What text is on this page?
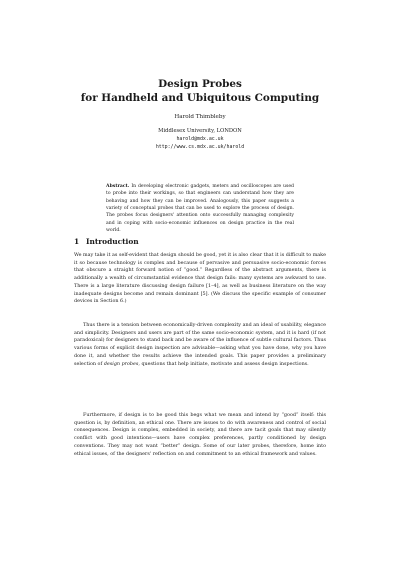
Design Probes
for Handheld and Ubiquitous Computing
Harold Thimbleby
Middlesex University, LONDON
harold@mdx.ac.uk
http://www.cs.mdx.ac.uk/harold
Abstract. In developing electronic gadgets, meters and oscilloscopes are used to probe into their workings, so that engineers can understand how they are behaving and how they can be improved. Analogously, this paper suggests a variety of conceptual probes that can be used to explore the process of design. The probes focus designers' attention onto successfully managing complexity and in coping with socio-economic influences on design practice in the real world.
1 Introduction

We may take it as self-evident that design should be good, yet it is also clear that it is difficult to make it so because technology is complex and because of pervasive and persuasive socio-economic forces that obscure a straight forward notion of “good.” Regardless of the abstract arguments, there is additionally a wealth of circumstantial evidence that design fails: many systems are awkward to use. There is a large literature discussing design failure [1–4], as well as business literature on the way inadequate designs become and remain dominant [5]. (We discuss the specific example of consumer devices in Section 6.)

Thus there is a tension between economically-driven complexity and an ideal of usability, elegance and simplicity. Designers and users are part of the same socio-economic system, and it is hard (if not paradoxical) for designers to stand back and be aware of the influence of subtle cultural factors. Thus various forms of explicit design inspection are advisable—asking what you have done, why you have done it, and whether the results achieve the intended goals. This paper provides a preliminary selection of design probes, questions that help initiate, motivate and assess design inspections.

Furthermore, if design is to be good this begs what we mean and intend by “good” itself: this question is, by definition, an ethical one. There are issues to do with awareness and control of social consequences. Design is complex, embedded in society, and there are tacit goals that may silently conflict with good intentions—users have complex preferences, partly conditioned by design conventions. They may not want “better” design. Some of our later probes, therefore, home into ethical issues, of the designers' reflection on and commitment to an ethical framework and values.
